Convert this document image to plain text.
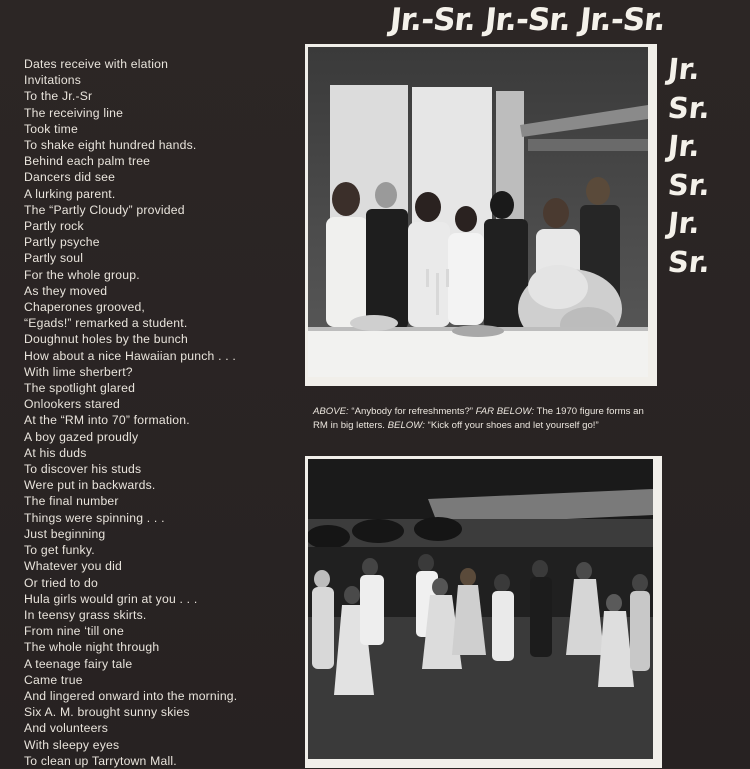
Jr.-Sr. Jr.-Sr. Jr.-Sr.
Jr.
Sr.
Jr.
Sr.
Jr.
Sr.
Dates receive with elation
Invitations
To the Jr.-Sr
The receiving line
Took time
To shake eight hundred hands.
Behind each palm tree
Dancers did see
A lurking parent.
The “Partly Cloudy” provided
Partly rock
Partly psyche
Partly soul
For the whole group.
As they moved
Chaperones grooved,
“Egads!” remarked a student.
Doughnut holes by the bunch
How about a nice Hawaiian punch . . .
With lime sherbert?
The spotlight glared
Onlookers stared
At the “RM into 70” formation.
A boy gazed proudly
At his duds
To discover his studs
Were put in backwards.
The final number
Things were spinning . . .
Just beginning
To get funky.
Whatever you did
Or tried to do
Hula girls would grin at you . . .
In teensy grass skirts.
From nine ‘till one
The whole night through
A teenage fairy tale
Came true
And lingered onward into the morning.
Six A. M. brought sunny skies
And volunteers
With sleepy eyes
To clean up Tarrytown Mall.
ABOVE: “Anybody for refreshments?” FAR BELOW: The 1970 figure forms an RM in big letters. BELOW: “Kick off your shoes and let yourself go!”
